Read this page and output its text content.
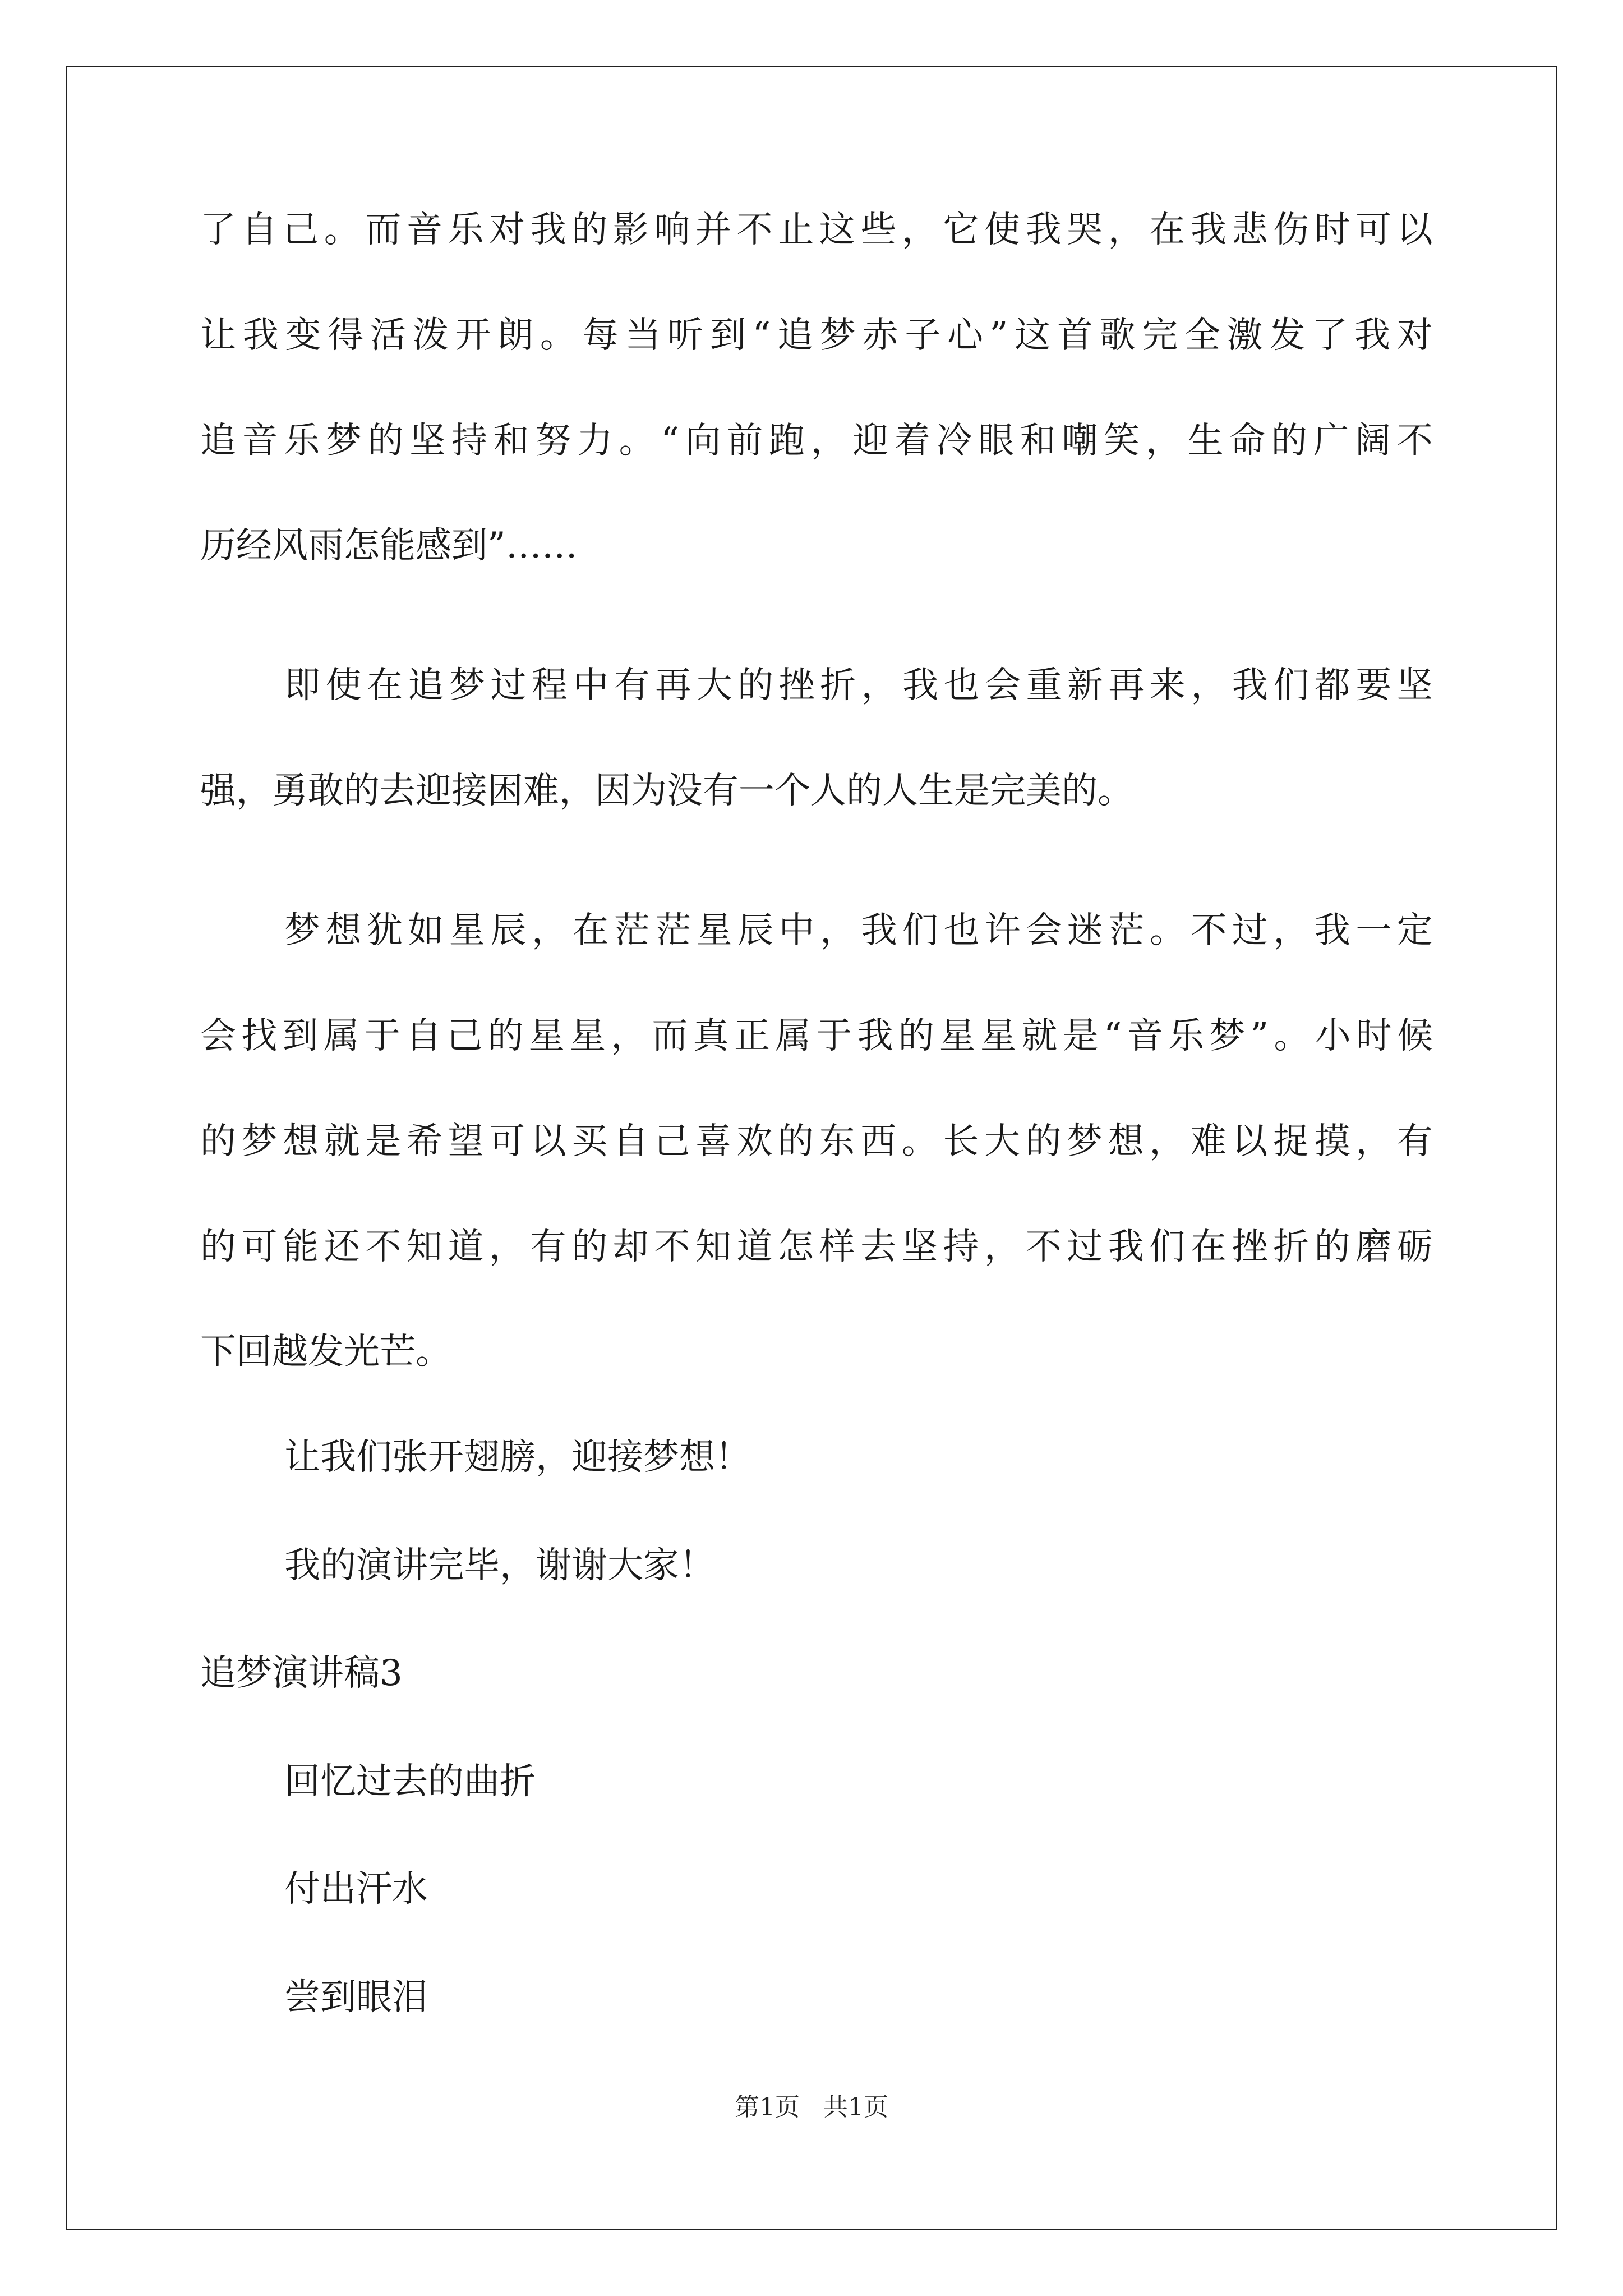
了 自 己 。 而 音 乐 对 我 的 影 响 并 不 止 这 些 ， 它 使 我 哭 ， 在 我 悲 伤 时 可 以
让 我 变 得 活 泼 开 朗 。 每 当 听 到 “ 追 梦 赤 子 心 ” 这 首 歌 完 全 激 发 了 我 对
追 音 乐 梦 的 坚 持 和 努 力 。 “ 向 前 跑 ， 迎 着 冷 眼 和 嘲 笑 ， 生 命 的 广 阔 不
历经风雨怎能感到”……
即 使 在 追 梦 过 程 中 有 再 大 的 挫 折 ， 我 也 会 重 新 再 来 ， 我 们 都 要 坚
强，勇敢的去迎接困难，因为没有一个人的人生是完美的。
梦 想 犹 如 星 辰 ， 在 茫 茫 星 辰 中 ， 我 们 也 许 会 迷 茫 。 不 过 ， 我 一 定
会 找 到 属 于 自 己 的 星 星 ， 而 真 正 属 于 我 的 星 星 就 是 “ 音 乐 梦 ” 。 小 时 候
的 梦 想 就 是 希 望 可 以 买 自 己 喜 欢 的 东 西 。 长 大 的 梦 想 ， 难 以 捉 摸 ， 有
的 可 能 还 不 知 道 ， 有 的 却 不 知 道 怎 样 去 坚 持 ， 不 过 我 们 在 挫 折 的 磨 砺
下回越发光芒。
让我们张开翅膀，迎接梦想！
我的演讲完毕，谢谢大家！
追梦演讲稿3
回忆过去的曲折
付出汗水
尝到眼泪
第1页   共1页
